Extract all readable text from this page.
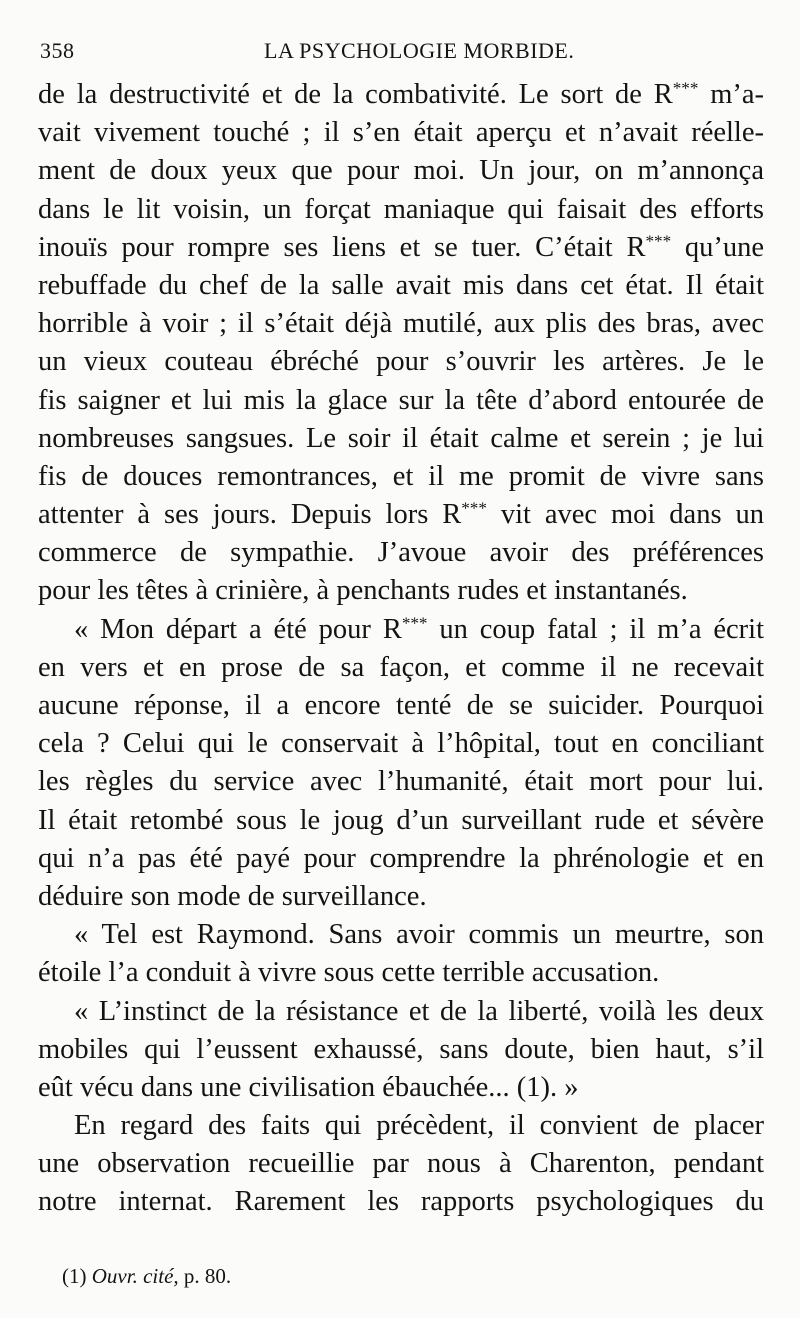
358	LA PSYCHOLOGIE MORBIDE.

de la destructivité et de la combativité. Le sort de R*** m’a-

vait vivement touché ; il s’en était aperçu et n’avait réelle-

ment de doux yeux que pour moi. Un jour, on m’annonça

dans le lit voisin, un forçat maniaque qui faisait des efforts

inouïs pour rompre ses liens et se tuer. C’était R*** qu’une

rebuffade du chef de la salle avait mis dans cet état. Il était

horrible à voir ; il s’était déjà mutilé, aux plis des bras, avec

un vieux couteau ébréché pour s’ouvrir les artères. Je le

fis saigner et lui mis la glace sur la tête d’abord entourée de

nombreuses sangsues. Le soir il était calme et serein ; je lui

fis de douces remontrances, et il me promit de vivre sans

attenter à ses jours. Depuis lors R*** vit avec moi dans un

commerce de sympathie. J’avoue avoir des préférences

pour les têtes à crinière, à penchants rudes et instantanés.

« Mon départ a été pour R*** un coup fatal ; il m’a écrit

en vers et en prose de sa façon, et comme il ne recevait

aucune réponse, il a encore tenté de se suicider. Pourquoi

cela ? Celui qui le conservait à l’hôpital, tout en conciliant

les règles du service avec l’humanité, était mort pour lui.

Il était retombé sous le joug d’un surveillant rude et sévère

qui n’a pas été payé pour comprendre la phrénologie et en

déduire son mode de surveillance.

« Tel est Raymond. Sans avoir commis un meurtre, son

étoile l’a conduit à vivre sous cette terrible accusation.

« L’instinct de la résistance et de la liberté, voilà les deux

mobiles qui l’eussent exhaussé, sans doute, bien haut, s’il

eût vécu dans une civilisation ébauchée... (1). »

En regard des faits qui précèdent, il convient de placer

une observation recueillie par nous à Charenton, pendant

notre internat. Rarement les rapports psychologiques du

(1) Ouvr. cité, p. 80.
